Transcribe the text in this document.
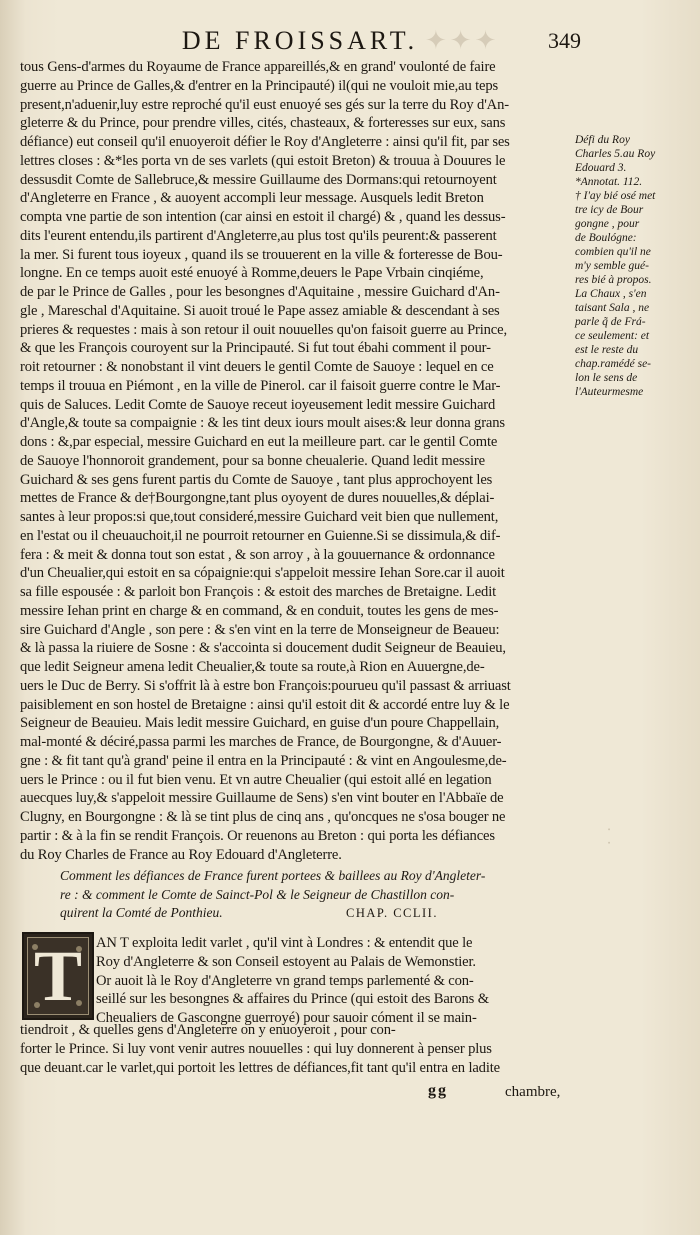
DE FROISSART. ✦✦✦ 349
tous Gens-d'armes du Royaume de France appareillés,& en grand' voulonté de faire
guerre au Prince de Galles,& d'entrer en la Principauté) il(qui ne vouloit mie,au teps
present,n'aduenir,luy estre reproché qu'il eust enuoyé ses gés sur la terre du Roy d'An-
gleterre & du Prince, pour prendre villes, cités, chasteaux, & forteresses sur eux, sans
défiance) eut conseil qu'il enuoyeroit défier le Roy d'Angleterre : ainsi qu'il fit, par ses
lettres closes : &*les porta vn de ses varlets (qui estoit Breton) & trouua à Douures le
dessusdit Comte de Sallebruce,& messire Guillaume des Dormans:qui retournoyent
d'Angleterre en France , & auoyent accompli leur message. Ausquels ledit Breton
compta vne partie de son intention (car ainsi en estoit il chargé) & , quand les dessus-
dits l'eurent entendu,ils partirent d'Angleterre,au plus tost qu'ils peurent:& passerent
la mer. Si furent tous ioyeux , quand ils se trouuerent en la ville & forteresse de Bou-
longne. En ce temps auoit esté enuoyé à Romme,deuers le Pape Vrbain cinqiéme,
de par le Prince de Galles , pour les besongnes d'Aquitaine , messire Guichard d'An-
gle , Mareschal d'Aquitaine. Si auoit troué le Pape assez amiable & descendant à ses
prieres & requestes : mais à son retour il ouit nouuelles qu'on faisoit guerre au Prince,
& que les François couroyent sur la Principauté. Si fut tout ébahi comment il pour-
roit retourner : & nonobstant il vint deuers le gentil Comte de Sauoye : lequel en ce
temps il trouua en Piémont , en la ville de Pinerol. car il faisoit guerre contre le Mar-
quis de Saluces. Ledit Comte de Sauoye receut ioyeusement ledit messire Guichard
d'Angle,& toute sa compaignie : & les tint deux iours moult aises:& leur donna grans
dons : &,par especial, messire Guichard en eut la meilleure part. car le gentil Comte
de Sauoye l'honnoroit grandement, pour sa bonne cheualerie. Quand ledit messire
Guichard & ses gens furent partis du Comte de Sauoye , tant plus approchoyent les
mettes de France & de†Bourgongne,tant plus oyoyent de dures nouuelles,& déplai-
santes à leur propos:si que,tout consideré,messire Guichard veit bien que nullement,
en l'estat ou il cheuauchoit,il ne pourroit retourner en Guienne.Si se dissimula,& dif-
fera : & meit & donna tout son estat , & son arroy , à la gouuernance & ordonnance
d'un Cheualier,qui estoit en sa cópaignie:qui s'appeloit messire Iehan Sore.car il auoit
sa fille espousée : & parloit bon François : & estoit des marches de Bretaigne. Ledit
messire Iehan print en charge & en command, & en conduit, toutes les gens de mes-
sire Guichard d'Angle , son pere : & s'en vint en la terre de Monseigneur de Beaueu:
& là passa la riuiere de Sosne : & s'accointa si doucement dudit Seigneur de Beauieu,
que ledit Seigneur amena ledit Cheualier,& toute sa route,à Rion en Auuergne,de-
uers le Duc de Berry. Si s'offrit là à estre bon François:pourueu qu'il passast & arriuast
paisiblement en son hostel de Bretaigne : ainsi qu'il estoit dit & accordé entre luy & le
Seigneur de Beauieu. Mais ledit messire Guichard, en guise d'un poure Chappellain,
mal-monté & déciré,passa parmi les marches de France, de Bourgongne, & d'Auuer-
gne : & fit tant qu'à grand' peine il entra en la Principauté : & vint en Angoulesme,de-
uers le Prince : ou il fut bien venu. Et vn autre Cheualier (qui estoit allé en legation
auecques luy,& s'appeloit messire Guillaume de Sens) s'en vint bouter en l'Abbaïe de
Clugny, en Bourgongne : & là se tint plus de cinq ans , qu'oncques ne s'osa bouger ne
partir : & à la fin se rendit François. Or reuenons au Breton : qui porta les défiances
du Roy Charles de France au Roy Edouard d'Angleterre.
Défi du Roy
Charles 5.au Roy
Edouard 3.
*Annotat. 112.
† I'ay bié osé met
tre icy de Bour
gongne , pour
de Boulógne:
combien qu'il ne
m'y semble gué-
res bié à propos.
La Chaux , s'en
taisant Sala , ne
parle q̃ de Frá-
ce seulement: et
est le reste du
chap.ramédé se-
lon le sens de
l'Auteurmesme
· ·
Comment les défiances de France furent portees & baillees au Roy d'Angleter-
re : & comment le Comte de Sainct-Pol & le Seigneur de Chastillon con-
quirent la Comté de Ponthieu.	CHAP. CCLII.
T AN T exploita ledit varlet , qu'il vint à Londres : & entendit que le
Roy d'Angleterre & son Conseil estoyent au Palais de Wemonstier.
Or auoit là le Roy d'Angleterre vn grand temps parlementé & con-
seillé sur les besongnes & affaires du Prince (qui estoit des Barons &
Cheualiers de Gascongne guerroyé) pour sauoir cóment il se main-
tiendroit , & quelles gens d'Angleterre on y enuoyeroit , pour con-
forter le Prince. Si luy vont venir autres nouuelles : qui luy donnerent à penser plus
que deuant.car le varlet,qui portoit les lettres de défiances,fit tant qu'il entra en ladite
gg	chambre,
